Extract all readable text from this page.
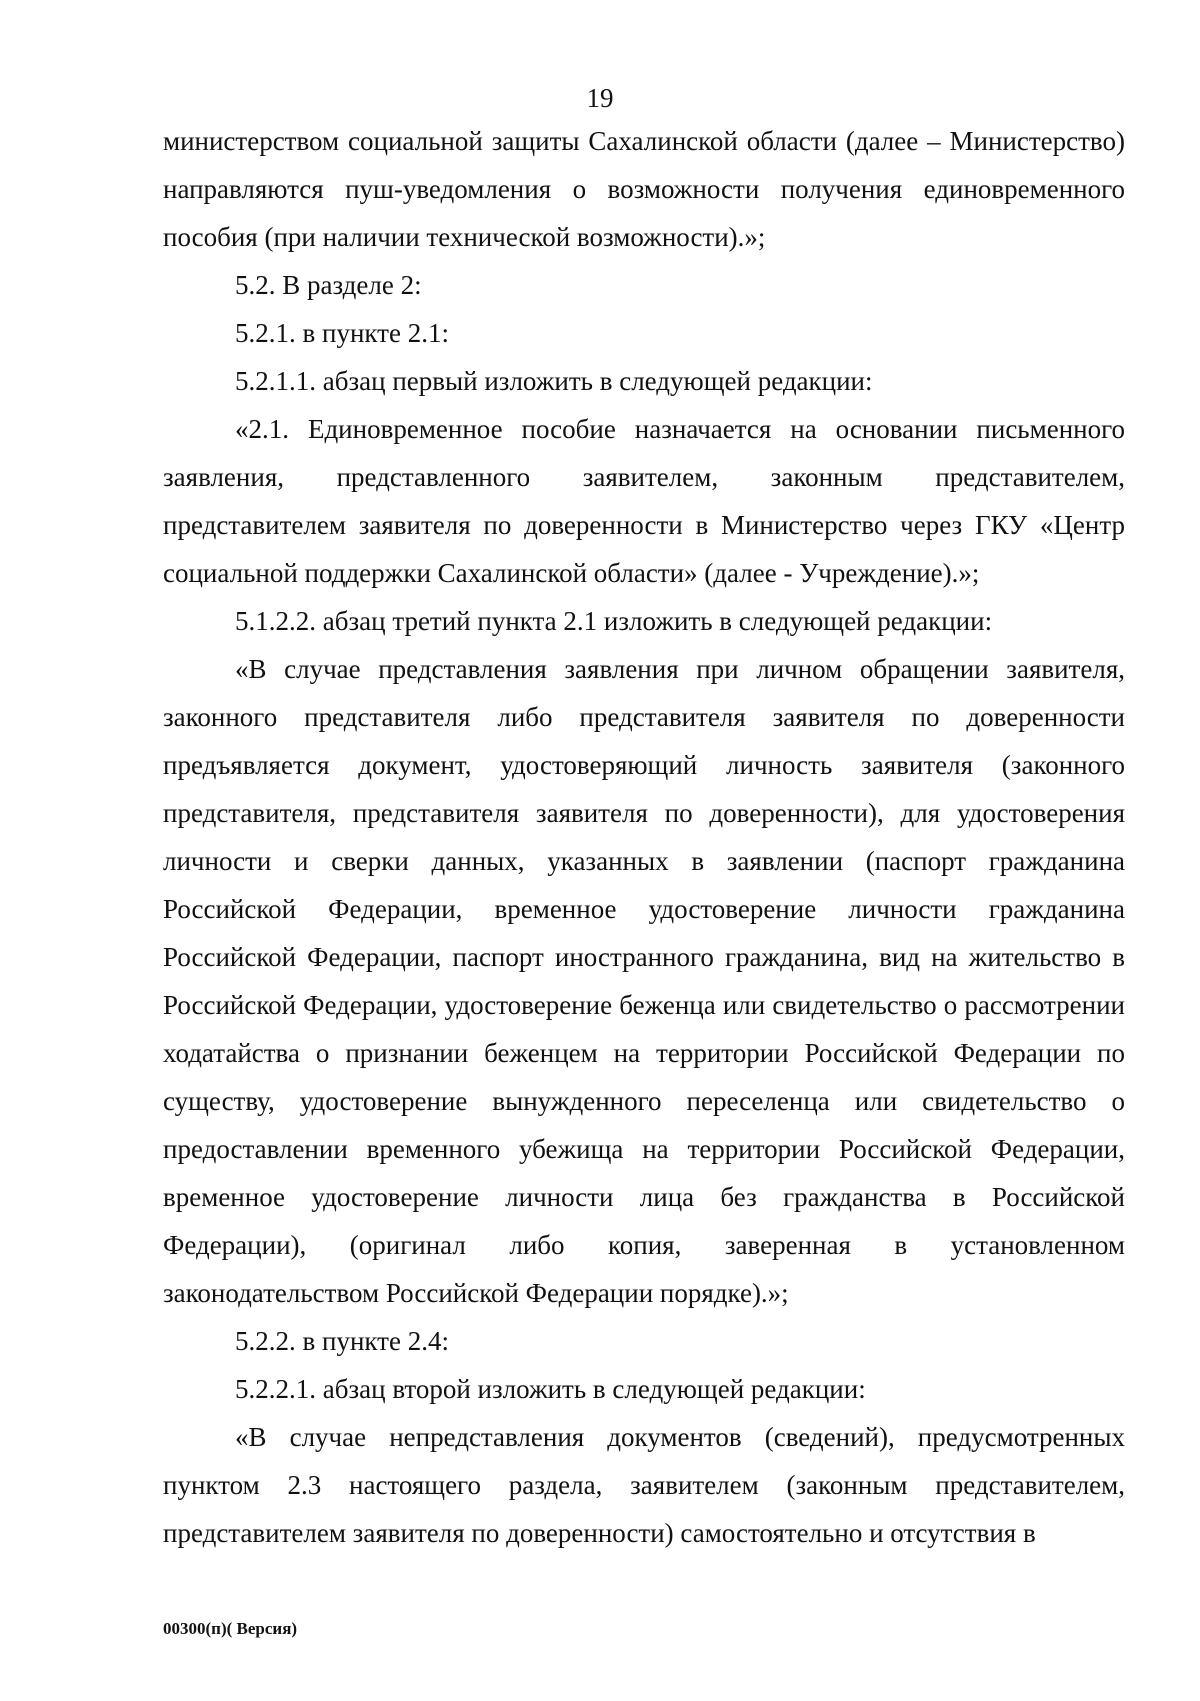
19

министерством социальной защиты Сахалинской области (далее – Министерство) направляются пуш-уведомления о возможности получения единовременного пособия (при наличии технической возможности).»;

5.2. В разделе 2:

5.2.1. в пункте 2.1:

5.2.1.1. абзац первый изложить в следующей редакции:

«2.1. Единовременное пособие назначается на основании письменного заявления, представленного заявителем, законным представителем, представителем заявителя по доверенности в Министерство через ГКУ «Центр социальной поддержки Сахалинской области» (далее - Учреждение).»;

5.1.2.2. абзац третий пункта 2.1 изложить в следующей редакции:

«В случае представления заявления при личном обращении заявителя, законного представителя либо представителя заявителя по доверенности предъявляется документ, удостоверяющий личность заявителя (законного представителя, представителя заявителя по доверенности), для удостоверения личности и сверки данных, указанных в заявлении (паспорт гражданина Российской Федерации, временное удостоверение личности гражданина Российской Федерации, паспорт иностранного гражданина, вид на жительство в Российской Федерации, удостоверение беженца или свидетельство о рассмотрении ходатайства о признании беженцем на территории Российской Федерации по существу, удостоверение вынужденного переселенца или свидетельство о предоставлении временного убежища на территории Российской Федерации, временное удостоверение личности лица без гражданства в Российской Федерации), (оригинал либо копия, заверенная в установленном законодательством Российской Федерации порядке).»;

5.2.2. в пункте 2.4:

5.2.2.1. абзац второй изложить в следующей редакции:

«В случае непредставления документов (сведений), предусмотренных пунктом 2.3 настоящего раздела, заявителем (законным представителем, представителем заявителя по доверенности) самостоятельно и отсутствия в

00300(п)( Версия)
